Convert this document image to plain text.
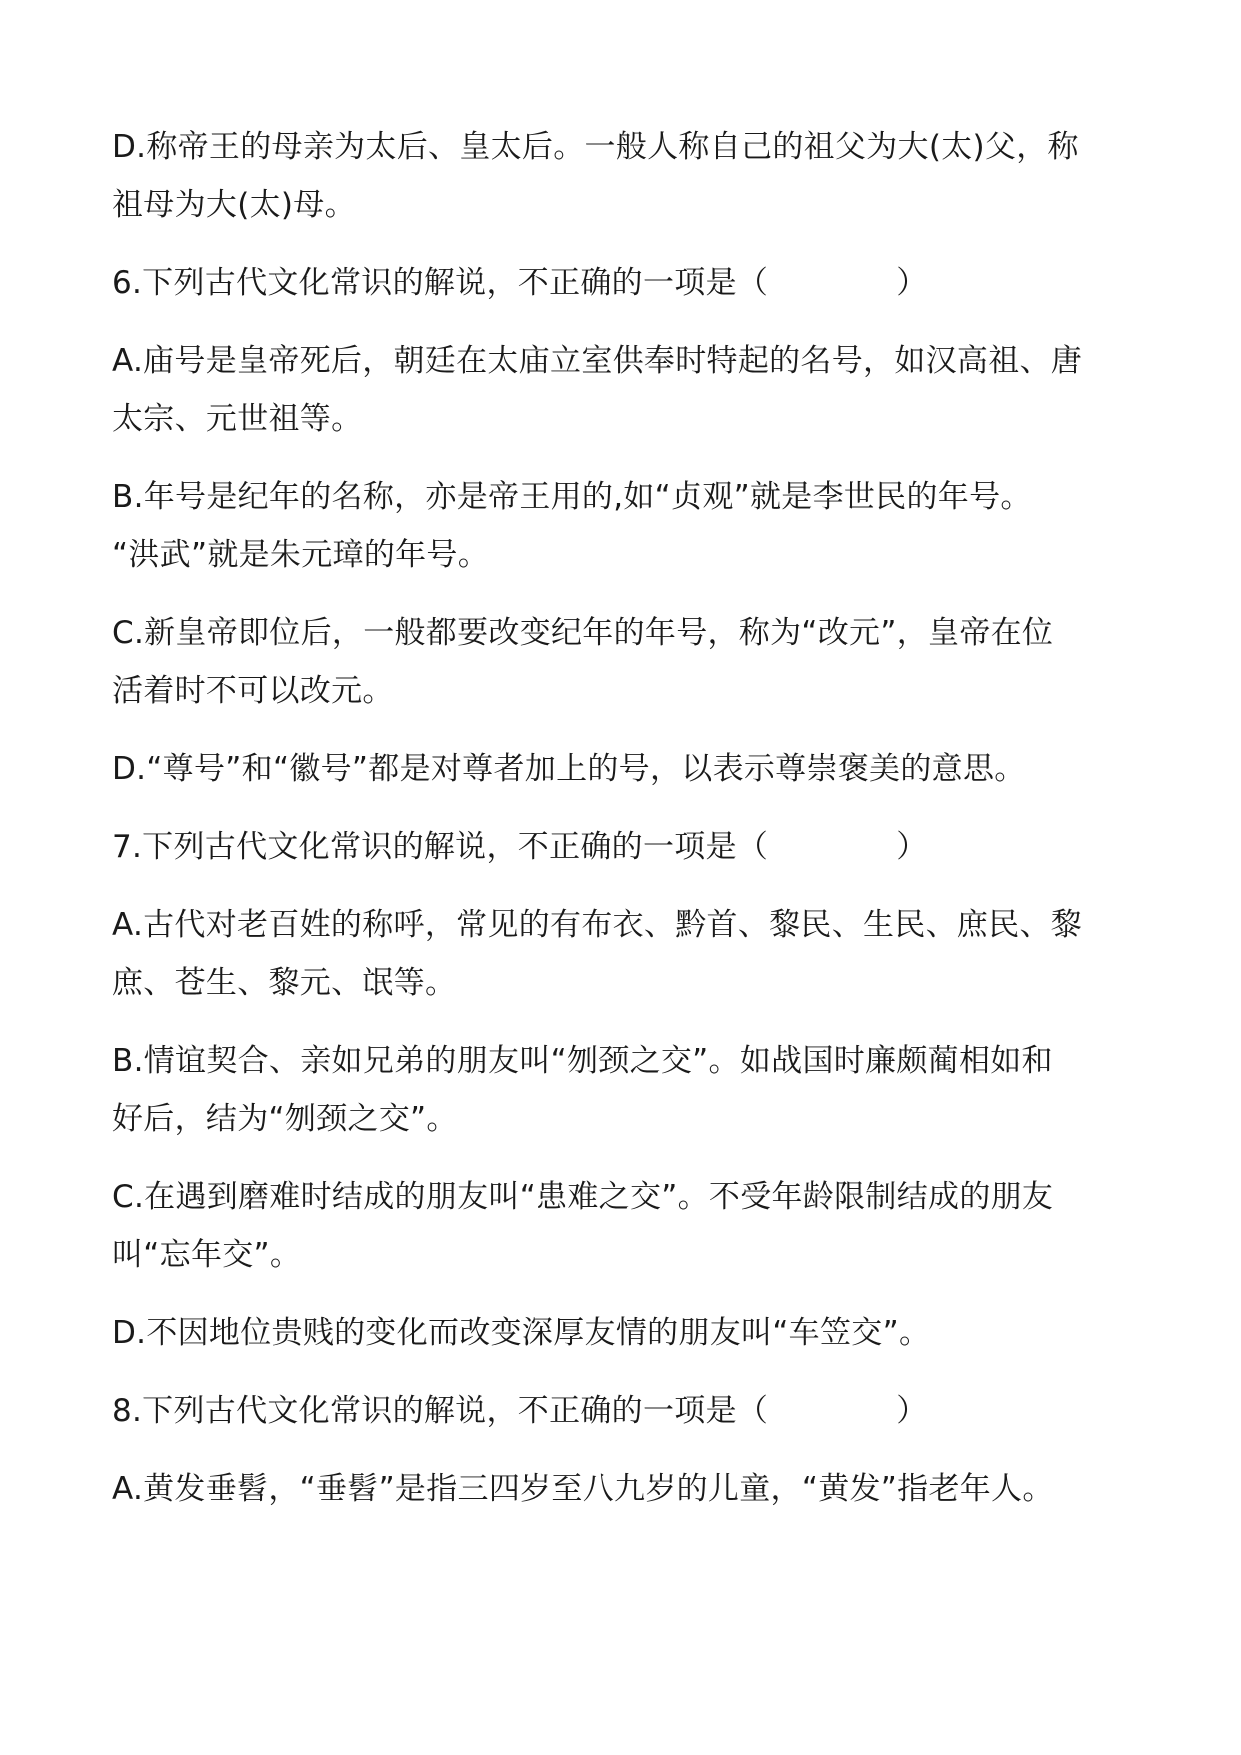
D.称帝王的母亲为太后、皇太后。一般人称自己的祖父为大(太)父，称
祖母为大(太)母。

6.下列古代文化常识的解说，不正确的一项是（	）

A.庙号是皇帝死后，朝廷在太庙立室供奉时特起的名号，如汉高祖、唐
太宗、元世祖等。

B.年号是纪年的名称，亦是帝王用的,如“贞观”就是李世民的年号。
“洪武”就是朱元璋的年号。

C.新皇帝即位后，一般都要改变纪年的年号，称为“改元”，皇帝在位
活着时不可以改元。

D.“尊号”和“徽号”都是对尊者加上的号，以表示尊崇褒美的意思。

7.下列古代文化常识的解说，不正确的一项是（	）

A.古代对老百姓的称呼，常见的有布衣、黔首、黎民、生民、庶民、黎
庶、苍生、黎元、氓等。

B.情谊契合、亲如兄弟的朋友叫“刎颈之交”。如战国时廉颇蔺相如和
好后，结为“刎颈之交”。

C.在遇到磨难时结成的朋友叫“患难之交”。不受年龄限制结成的朋友
叫“忘年交”。

D.不因地位贵贱的变化而改变深厚友情的朋友叫“车笠交”。

8.下列古代文化常识的解说，不正确的一项是（	）

A.黄发垂髫，“垂髫”是指三四岁至八九岁的儿童，“黄发”指老年人。
